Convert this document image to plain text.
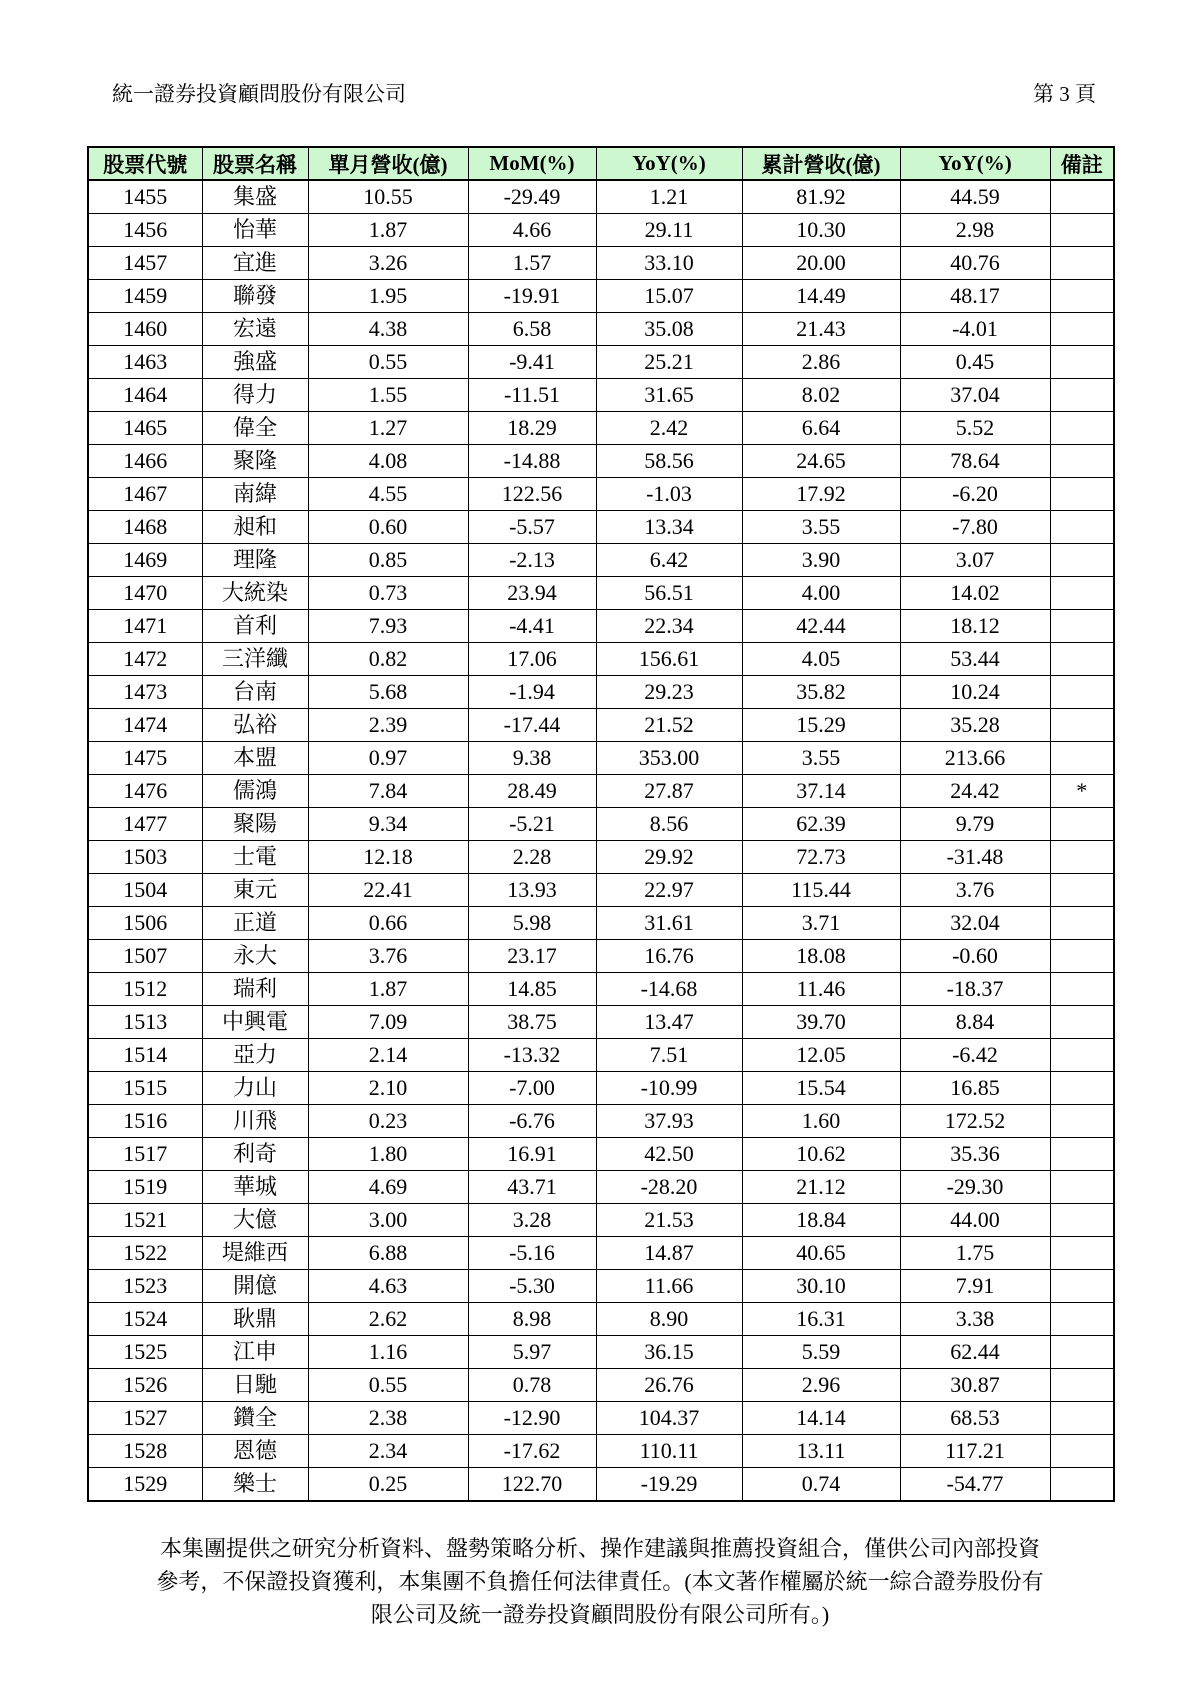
統一證券投資顧問股份有限公司	第 3 頁
股票代號	股票名稱	單月營收(億)	MoM(%)	YoY(%)	累計營收(億)	YoY(%)	備註
1455	集盛	10.55	-29.49	1.21	81.92	44.59	
1456	怡華	1.87	4.66	29.11	10.30	2.98	
1457	宜進	3.26	1.57	33.10	20.00	40.76	
1459	聯發	1.95	-19.91	15.07	14.49	48.17	
1460	宏遠	4.38	6.58	35.08	21.43	-4.01	
1463	強盛	0.55	-9.41	25.21	2.86	0.45	
1464	得力	1.55	-11.51	31.65	8.02	37.04	
1465	偉全	1.27	18.29	2.42	6.64	5.52	
1466	聚隆	4.08	-14.88	58.56	24.65	78.64	
1467	南緯	4.55	122.56	-1.03	17.92	-6.20	
1468	昶和	0.60	-5.57	13.34	3.55	-7.80	
1469	理隆	0.85	-2.13	6.42	3.90	3.07	
1470	大統染	0.73	23.94	56.51	4.00	14.02	
1471	首利	7.93	-4.41	22.34	42.44	18.12	
1472	三洋纖	0.82	17.06	156.61	4.05	53.44	
1473	台南	5.68	-1.94	29.23	35.82	10.24	
1474	弘裕	2.39	-17.44	21.52	15.29	35.28	
1475	本盟	0.97	9.38	353.00	3.55	213.66	
1476	儒鴻	7.84	28.49	27.87	37.14	24.42	*
1477	聚陽	9.34	-5.21	8.56	62.39	9.79	
1503	士電	12.18	2.28	29.92	72.73	-31.48	
1504	東元	22.41	13.93	22.97	115.44	3.76	
1506	正道	0.66	5.98	31.61	3.71	32.04	
1507	永大	3.76	23.17	16.76	18.08	-0.60	
1512	瑞利	1.87	14.85	-14.68	11.46	-18.37	
1513	中興電	7.09	38.75	13.47	39.70	8.84	
1514	亞力	2.14	-13.32	7.51	12.05	-6.42	
1515	力山	2.10	-7.00	-10.99	15.54	16.85	
1516	川飛	0.23	-6.76	37.93	1.60	172.52	
1517	利奇	1.80	16.91	42.50	10.62	35.36	
1519	華城	4.69	43.71	-28.20	21.12	-29.30	
1521	大億	3.00	3.28	21.53	18.84	44.00	
1522	堤維西	6.88	-5.16	14.87	40.65	1.75	
1523	開億	4.63	-5.30	11.66	30.10	7.91	
1524	耿鼎	2.62	8.98	8.90	16.31	3.38	
1525	江申	1.16	5.97	36.15	5.59	62.44	
1526	日馳	0.55	0.78	26.76	2.96	30.87	
1527	鑽全	2.38	-12.90	104.37	14.14	68.53	
1528	恩德	2.34	-17.62	110.11	13.11	117.21	
1529	樂士	0.25	122.70	-19.29	0.74	-54.77	
本集團提供之研究分析資料、盤勢策略分析、操作建議與推薦投資組合，僅供公司內部投資
參考，不保證投資獲利，本集團不負擔任何法律責任。(本文著作權屬於統一綜合證券股份有
限公司及統一證券投資顧問股份有限公司所有。)
